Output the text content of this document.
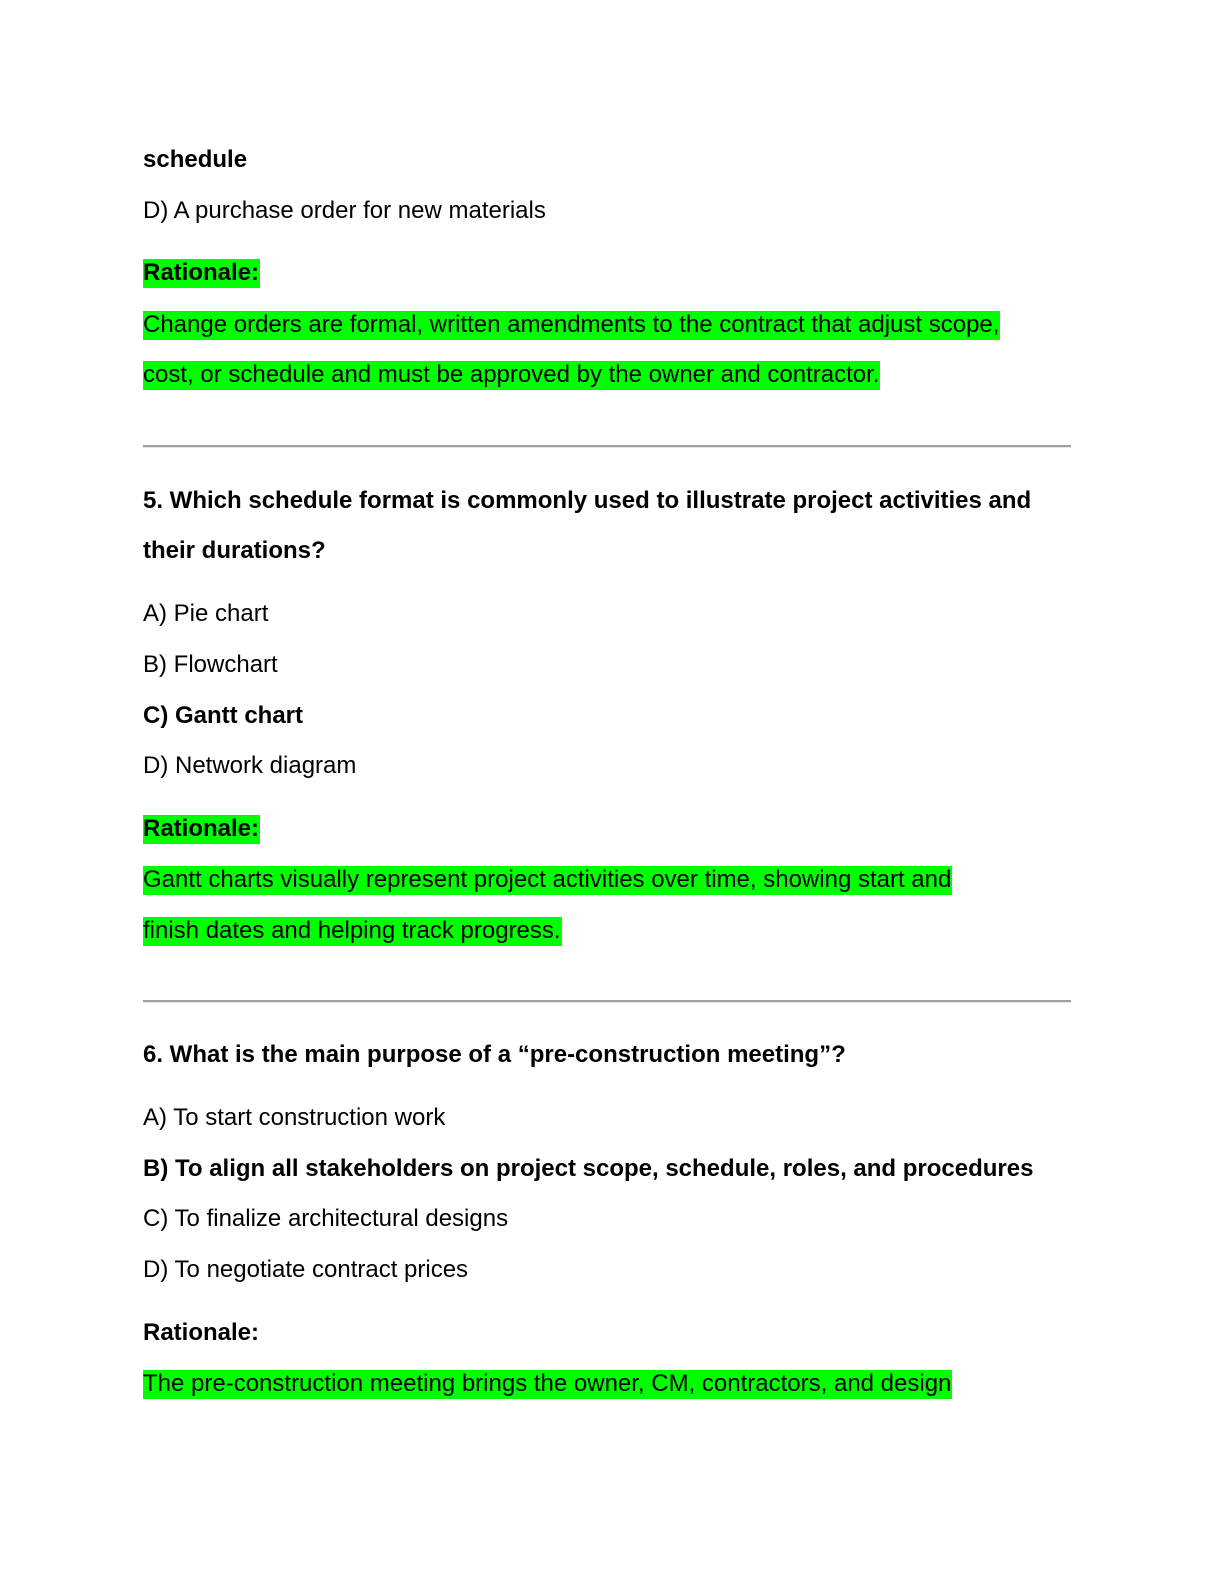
schedule
D) A purchase order for new materials
Rationale:
Change orders are formal, written amendments to the contract that adjust scope,
cost, or schedule and must be approved by the owner and contractor.
5. Which schedule format is commonly used to illustrate project activities and
their durations?
A) Pie chart
B) Flowchart
C) Gantt chart
D) Network diagram
Rationale:
Gantt charts visually represent project activities over time, showing start and
finish dates and helping track progress.
6. What is the main purpose of a “pre-construction meeting”?
A) To start construction work
B) To align all stakeholders on project scope, schedule, roles, and procedures
C) To finalize architectural designs
D) To negotiate contract prices
Rationale:
The pre-construction meeting brings the owner, CM, contractors, and design
